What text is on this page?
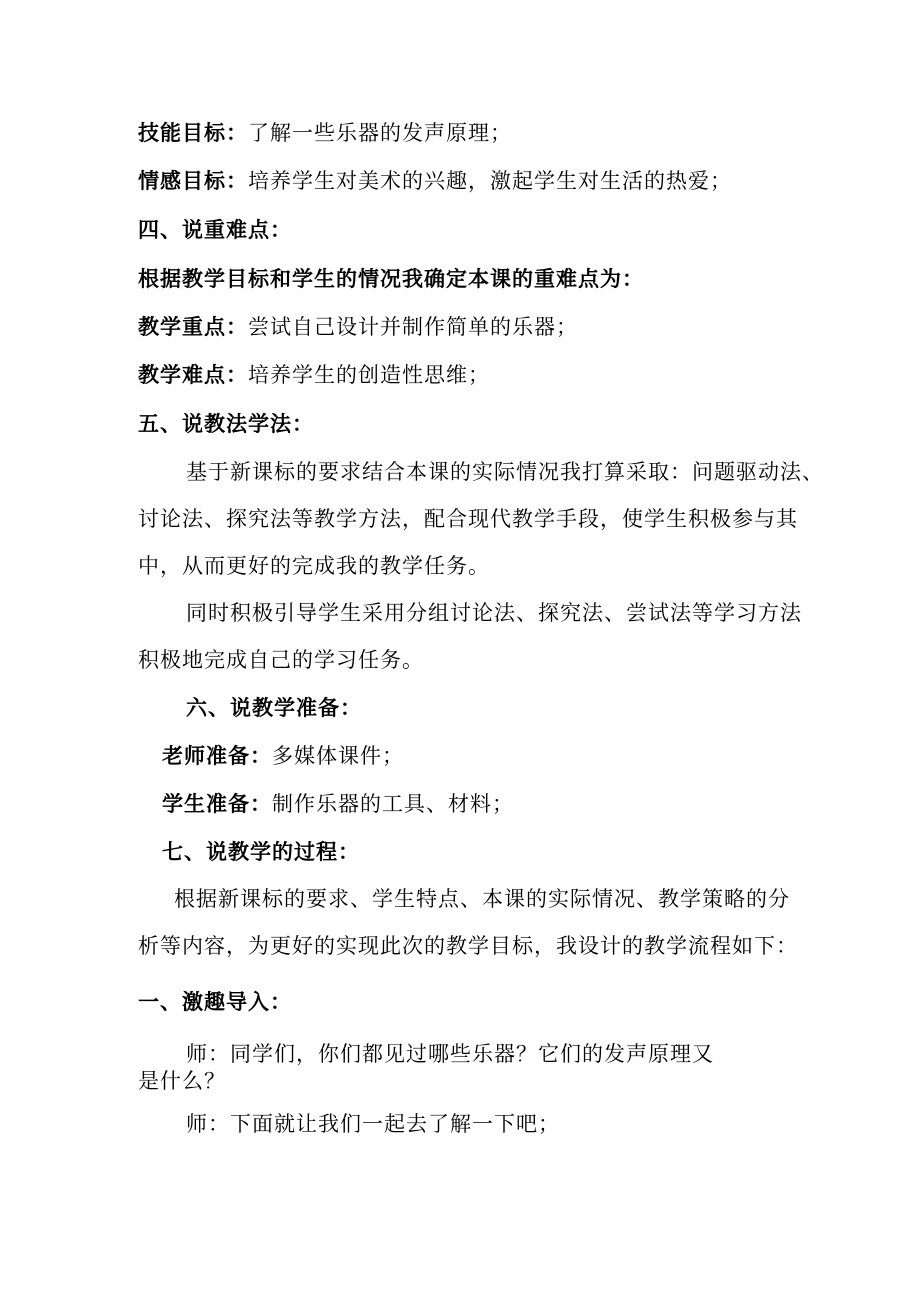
技能目标：了解一些乐器的发声原理；
情感目标：培养学生对美术的兴趣，激起学生对生活的热爱；
四、说重难点：
根据教学目标和学生的情况我确定本课的重难点为：
教学重点：尝试自己设计并制作简单的乐器；
教学难点：培养学生的创造性思维；
五、说教法学法：
基于新课标的要求结合本课的实际情况我打算采取：问题驱动法、
讨论法、探究法等教学方法，配合现代教学手段，使学生积极参与其
中，从而更好的完成我的教学任务。
同时积极引导学生采用分组讨论法、探究法、尝试法等学习方法
积极地完成自己的学习任务。
六、说教学准备：
老师准备：多媒体课件；
学生准备：制作乐器的工具、材料；
七、说教学的过程：
根据新课标的要求、学生特点、本课的实际情况、教学策略的分
析等内容，为更好的实现此次的教学目标，我设计的教学流程如下：
一、激趣导入：
师：同学们，你们都见过哪些乐器？它们的发声原理又
是什么？
师：下面就让我们一起去了解一下吧；
